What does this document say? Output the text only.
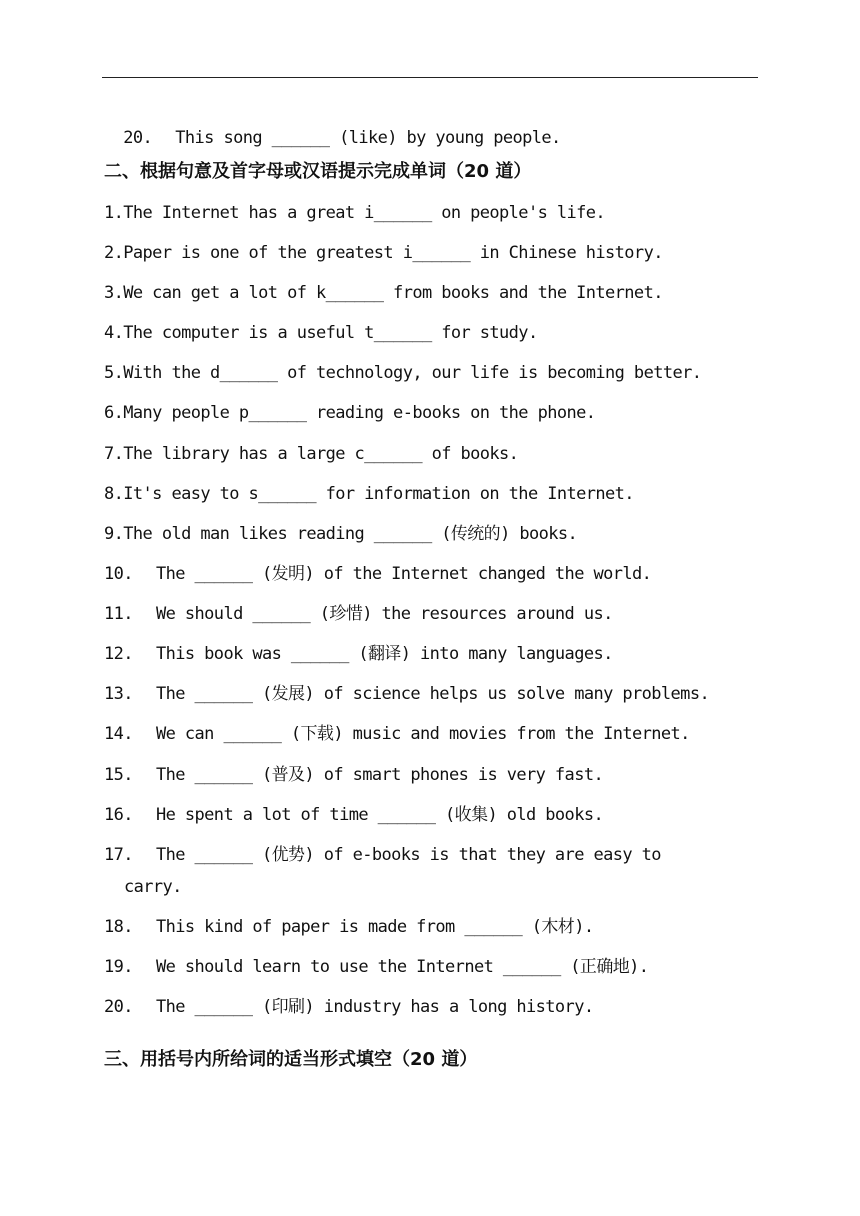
20. This song ______ (like) by young people.

二、根据句意及首字母或汉语提示完成单词（20 道）
1.The Internet has a great i______ on people's life.
2.Paper is one of the greatest i______ in Chinese history.
3.We can get a lot of k______ from books and the Internet.
4.The computer is a useful t______ for study.
5.With the d______ of technology, our life is becoming better.
6.Many people p______ reading e-books on the phone.
7.The library has a large c______ of books.
8.It's easy to s______ for information on the Internet.
9.The old man likes reading ______ (传统的) books.
10. The ______ (发明) of the Internet changed the world.
11. We should ______ (珍惜) the resources around us.
12. This book was ______ (翻译) into many languages.
13. The ______ (发展) of science helps us solve many problems.
14. We can ______ (下载) music and movies from the Internet.
15. The ______ (普及) of smart phones is very fast.
16. He spent a lot of time ______ (收集) old books.
17. The ______ (优势) of e-books is that they are easy to
carry.
18. This kind of paper is made from ______ (木材).
19. We should learn to use the Internet ______ (正确地).
20. The ______ (印刷) industry has a long history.
三、用括号内所给词的适当形式填空（20 道）
